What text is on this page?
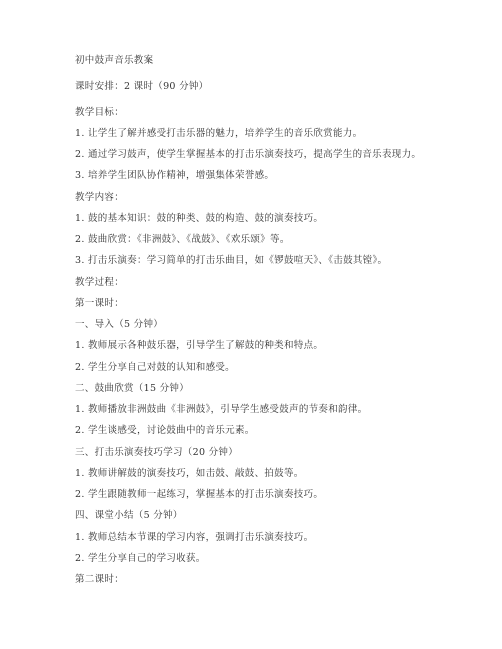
初中鼓声音乐教案
课时安排：2 课时（90 分钟）
教学目标：
1. 让学生了解并感受打击乐器的魅力，培养学生的音乐欣赏能力。
2. 通过学习鼓声，使学生掌握基本的打击乐演奏技巧，提高学生的音乐表现力。
3. 培养学生团队协作精神，增强集体荣誉感。
教学内容：
1. 鼓的基本知识：鼓的种类、鼓的构造、鼓的演奏技巧。
2. 鼓曲欣赏：《非洲鼓》、《战鼓》、《欢乐颂》等。
3. 打击乐演奏：学习简单的打击乐曲目，如《锣鼓喧天》、《击鼓其镗》。
教学过程：
第一课时：
一、导入（5 分钟）
1. 教师展示各种鼓乐器，引导学生了解鼓的种类和特点。
2. 学生分享自己对鼓的认知和感受。
二、鼓曲欣赏（15 分钟）
1. 教师播放非洲鼓曲《非洲鼓》，引导学生感受鼓声的节奏和韵律。
2. 学生谈感受，讨论鼓曲中的音乐元素。
三、打击乐演奏技巧学习（20 分钟）
1. 教师讲解鼓的演奏技巧，如击鼓、敲鼓、拍鼓等。
2. 学生跟随教师一起练习，掌握基本的打击乐演奏技巧。
四、课堂小结（5 分钟）
1. 教师总结本节课的学习内容，强调打击乐演奏技巧。
2. 学生分享自己的学习收获。
第二课时：
